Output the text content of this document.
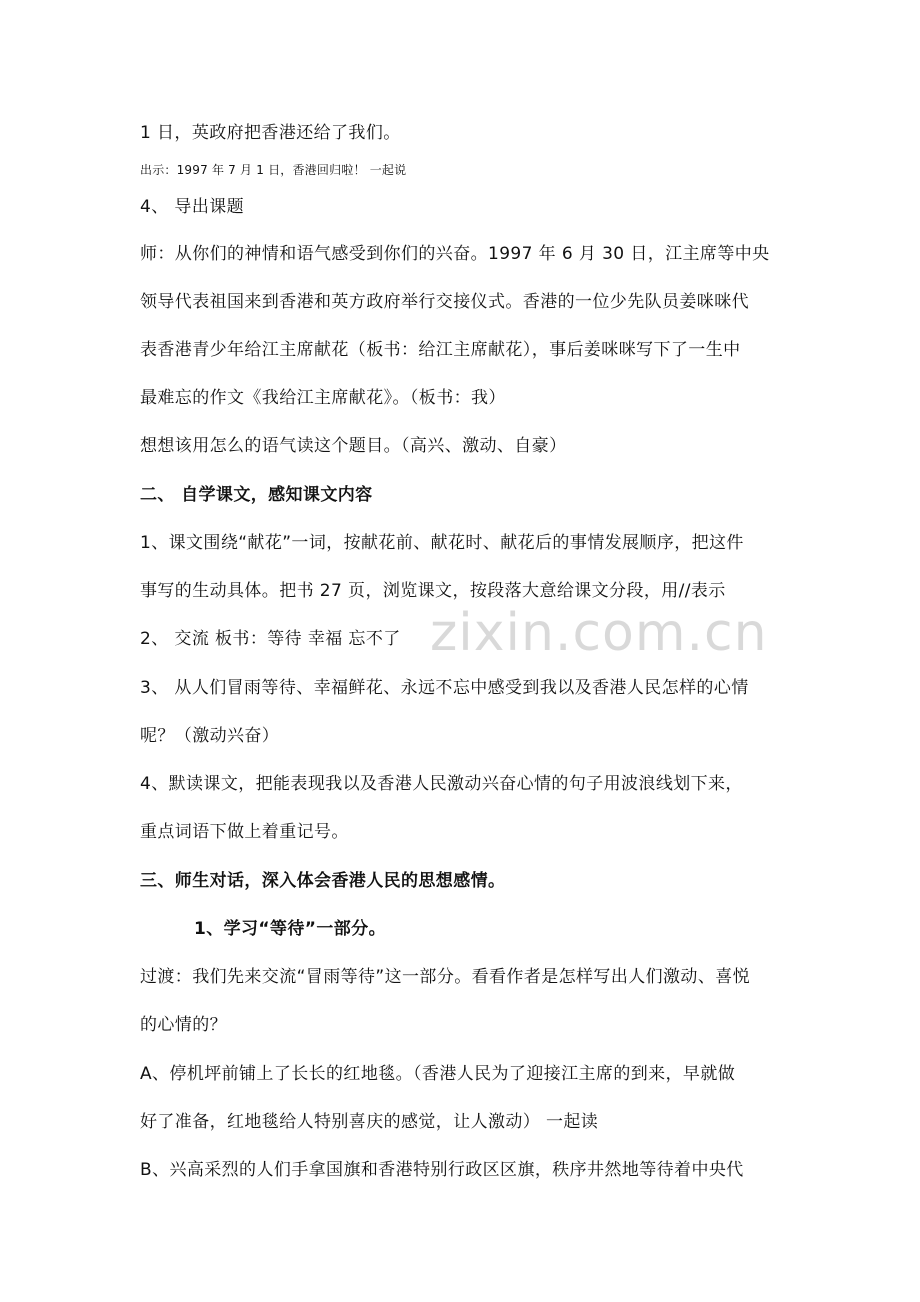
zixin.com.cn
1 日，英政府把香港还给了我们。
出示：1997 年 7 月 1 日，香港回归啦！ 一起说
4、 导出课题
师：从你们的神情和语气感受到你们的兴奋。1997 年 6 月 30 日，江主席等中央
领导代表祖国来到香港和英方政府举行交接仪式。香港的一位少先队员姜咪咪代
表香港青少年给江主席献花（板书：给江主席献花），事后姜咪咪写下了一生中
最难忘的作文《我给江主席献花》。（板书：我）
想想该用怎么的语气读这个题目。（高兴、激动、自豪）
二、 自学课文，感知课文内容
1、课文围绕“献花”一词，按献花前、献花时、献花后的事情发展顺序，把这件
事写的生动具体。把书 27 页，浏览课文，按段落大意给课文分段，用//表示
2、 交流 板书：等待 幸福 忘不了
3、 从人们冒雨等待、幸福鲜花、永远不忘中感受到我以及香港人民怎样的心情
呢？（激动兴奋）
4、默读课文，把能表现我以及香港人民激动兴奋心情的句子用波浪线划下来，
重点词语下做上着重记号。
三、师生对话，深入体会香港人民的思想感情。
1、学习“等待”一部分。
过渡：我们先来交流“冒雨等待”这一部分。看看作者是怎样写出人们激动、喜悦
的心情的？
A、停机坪前铺上了长长的红地毯。（香港人民为了迎接江主席的到来，早就做
好了准备，红地毯给人特别喜庆的感觉，让人激动） 一起读
B、兴高采烈的人们手拿国旗和香港特别行政区区旗，秩序井然地等待着中央代
